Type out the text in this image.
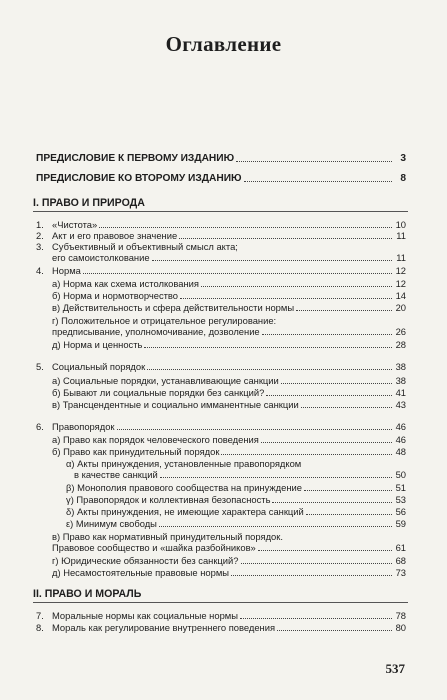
Оглавление
ПРЕДИСЛОВИЕ К ПЕРВОМУ ИЗДАНИЮ	3
ПРЕДИСЛОВИЕ КО ВТОРОМУ ИЗДАНИЮ	8
I. ПРАВО И ПРИРОДА
1. «Чистота»	10
2. Акт и его правовое значение	11
3. Субъективный и объективный смысл акта;
его самоистолкование	11
4. Норма	12
а) Норма как схема истолкования	12
б) Норма и нормотворчество	14
в) Действительность и сфера действительности нормы	20
г) Положительное и отрицательное регулирование:
предписывание, уполномочивание, дозволение	26
д) Норма и ценность	28
5. Социальный порядок	38
а) Социальные порядки, устанавливающие санкции	38
б) Бывают ли социальные порядки без санкций?	41
в) Трансцендентные и социально имманентные санкции	43
6. Правопорядок	46
а) Право как порядок человеческого поведения	46
б) Право как принудительный порядок	48
α) Акты принуждения, установленные правопорядком
в качестве санкций	50
β) Монополия правового сообщества на принуждение	51
γ) Правопорядок и коллективная безопасность	53
δ) Акты принуждения, не имеющие характера санкций	56
ε) Минимум свободы	59
в) Право как нормативный принудительный порядок.
Правовое сообщество и «шайка разбойников»	61
г) Юридические обязанности без санкций?	68
д) Несамостоятельные правовые нормы	73
II. ПРАВО И МОРАЛЬ
7. Моральные нормы как социальные нормы	78
8. Мораль как регулирование внутреннего поведения	80
537
